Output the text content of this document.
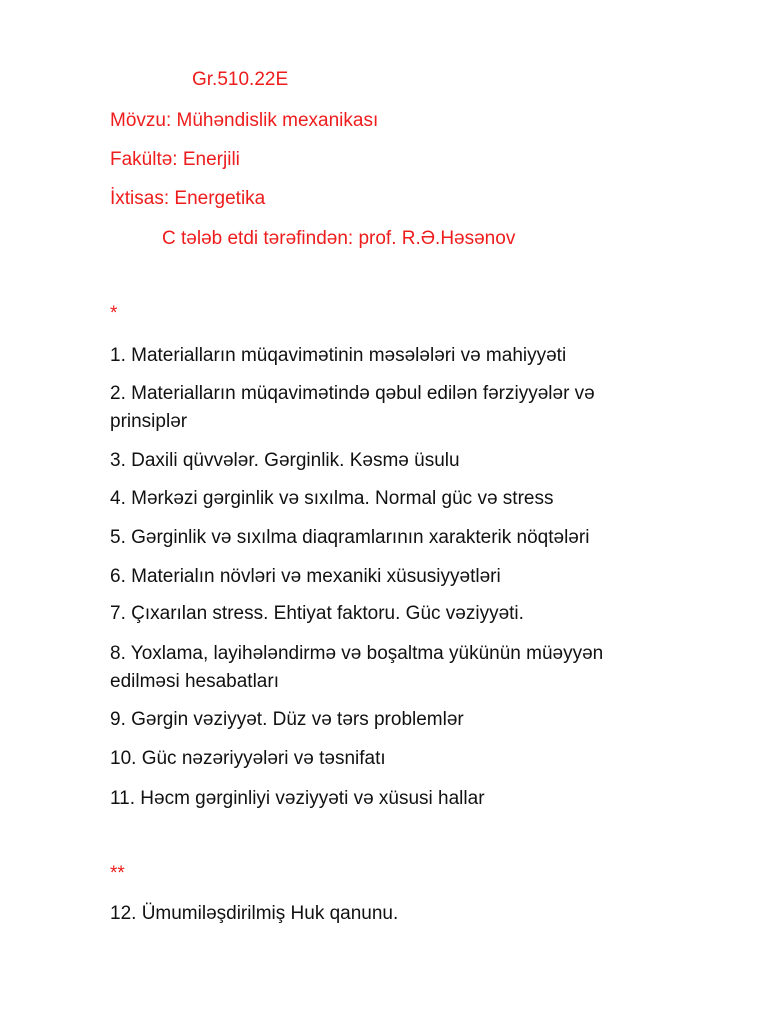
Gr.510.22E
Mövzu: Mühəndislik mexanikası
Fakültə: Enerjili
İxtisas: Energetika
C tələb etdi tərəfindən: prof. R.Ə.Həsənov
*
1. Materialların müqavimətinin məsələləri və mahiyyəti
2. Materialların müqavimətində qəbul edilən fərziyyələr və prinsiplər
3. Daxili qüvvələr. Gərginlik. Kəsmə üsulu
4. Mərkəzi gərginlik və sıxılma. Normal güc və stress
5. Gərginlik və sıxılma diaqramlarının xarakterik nöqtələri
6. Materialın növləri və mexaniki xüsusiyyətləri
7. Çıxarılan stress. Ehtiyat faktoru. Güc vəziyyəti.
8. Yoxlama, layihələndirmə və boşaltma yükünün müəyyən edilməsi hesabatları
9. Gərgin vəziyyət. Düz və tərs problemlər
10. Güc nəzəriyyələri və təsnifatı
11. Həcm gərginliyi vəziyyəti və xüsusi hallar
**
12. Ümumiləşdirilmiş Huk qanunu.
